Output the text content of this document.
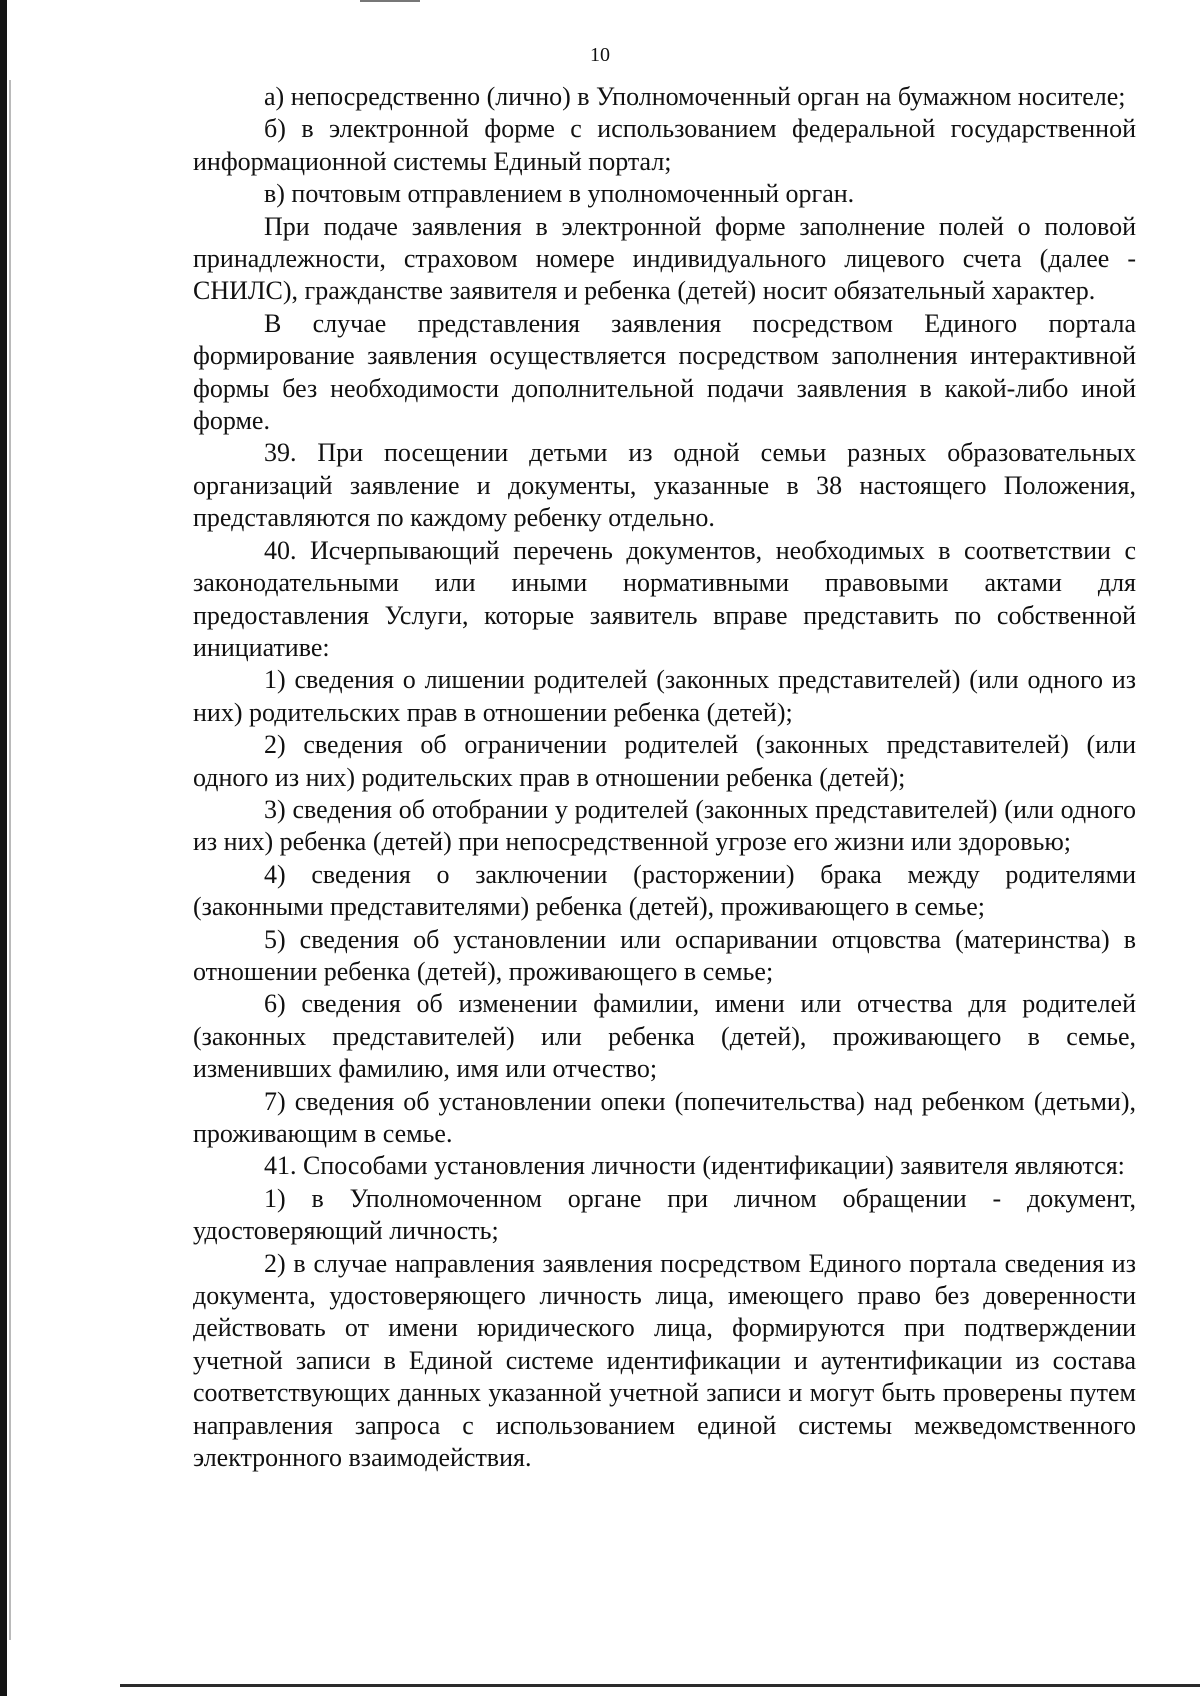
10

а) непосредственно (лично) в Уполномоченный орган на бумажном носителе;

б) в электронной форме с использованием федеральной государственной информационной системы Единый портал;

в) почтовым отправлением в уполномоченный орган.

При подаче заявления в электронной форме заполнение полей о половой принадлежности, страховом номере индивидуального лицевого счета (далее - СНИЛС), гражданстве заявителя и ребенка (детей) носит обязательный характер.

В случае представления заявления посредством Единого портала формирование заявления осуществляется посредством заполнения интерактивной формы без необходимости дополнительной подачи заявления в какой-либо иной форме.

39. При посещении детьми из одной семьи разных образовательных организаций заявление и документы, указанные в 38 настоящего Положения, представляются по каждому ребенку отдельно.

40. Исчерпывающий перечень документов, необходимых в соответствии с законодательными или иными нормативными правовыми актами для предоставления Услуги, которые заявитель вправе представить по собственной инициативе:

1) сведения о лишении родителей (законных представителей) (или одного из них) родительских прав в отношении ребенка (детей);

2) сведения об ограничении родителей (законных представителей) (или одного из них) родительских прав в отношении ребенка (детей);

3) сведения об отобрании у родителей (законных представителей) (или одного из них) ребенка (детей) при непосредственной угрозе его жизни или здоровью;

4) сведения о заключении (расторжении) брака между родителями (законными представителями) ребенка (детей), проживающего в семье;

5) сведения об установлении или оспаривании отцовства (материнства) в отношении ребенка (детей), проживающего в семье;

6) сведения об изменении фамилии, имени или отчества для родителей (законных представителей) или ребенка (детей), проживающего в семье, изменивших фамилию, имя или отчество;

7) сведения об установлении опеки (попечительства) над ребенком (детьми), проживающим в семье.

41. Способами установления личности (идентификации) заявителя являются:

1) в Уполномоченном органе при личном обращении - документ, удостоверяющий личность;

2) в случае направления заявления посредством Единого портала сведения из документа, удостоверяющего личность лица, имеющего право без доверенности действовать от имени юридического лица, формируются при подтверждении учетной записи в Единой системе идентификации и аутентификации из состава соответствующих данных указанной учетной записи и могут быть проверены путем направления запроса с использованием единой системы межведомственного электронного взаимодействия.
